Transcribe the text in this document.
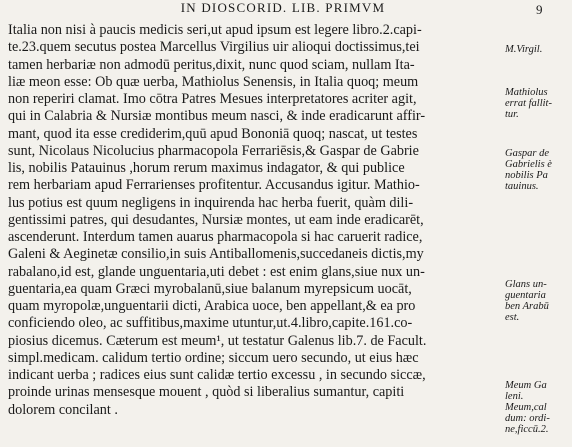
IN DIOSCORID. LIB. PRIMVM	9
Italia non nisi à paucis medicis seri,ut apud ipsum est legere libro.2.capi-
te.23.quem secutus postea Marcellus Virgilius uir alioqui doctissimus,tei
tamen herbariæ non admodū peritus,dixit, nunc quod sciam, nullam Ita-
liæ meon esse: Ob quæ uerba, Mathiolus Senensis, in Italia quoq; meum
non reperiri clamat. Imo cōtra Patres Mesues interpretatores acriter agit,
qui in Calabria & Nursiæ montibus meum nasci, & inde eradicarunt affir-
mant, quod ita esse crediderim,quū apud Bononiā quoq; nascat, ut testes
sunt, Nicolaus Nicolucius pharmacopola Ferrariēsis,& Gaspar de Gabrie
lis, nobilis Patauinus ,horum rerum maximus indagator, & qui publice
rem herbariam apud Ferrarienses profitentur. Accusandus igitur. Mathio-
lus potius est quum negligens in inquirenda hac herba fuerit, quàm dili-
gentissimi patres, qui desudantes, Nursiæ montes, ut eam inde eradicarēt,
ascenderunt. Interdum tamen auarus pharmacopola si hac caruerit radice,
Galeni & Aeginetæ consilio,in suis Antiballomenis,succedaneis dictis,my
rabalano,id est, glande unguentaria,uti debet : est enim glans,siue nux un-
guentaria,ea quam Græci myrobalanū,siue balanum myrepsicum uocāt,
quam myropolæ,unguentarii dicti, Arabica uoce, ben appellant,& ea pro
conficiendo oleo, ac suffitibus,maxime utuntur,ut.4.libro,capite.161.co-
piosius dicemus. Cæterum est meum¹, ut testatur Galenus lib.7. de Facult.
simpl.medicam. calidum tertio ordine; siccum uero secundo, ut eius hæc
indicant uerba ; radices eius sunt calidæ tertio excessu , in secundo siccæ,
proinde urinas mensesque mouent , quòd si liberalius sumantur, capiti
dolorem concilant .
M.Virgil.
Mathiolus
errat fallit-
tur.
Gaspar de
Gabrielis è
nobilis Pa
tauinus.
Glans un-
guentaria
ben Arabū
est.
Meum Ga
leni.
Meum,cal
dum: ordi-
ne,ficcū.2.
